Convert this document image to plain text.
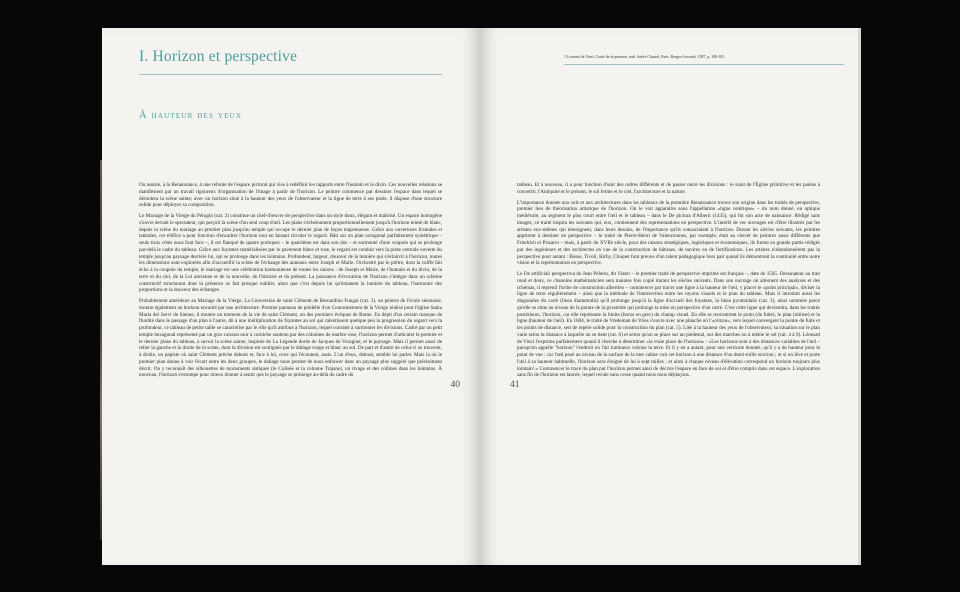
I. Horizon et perspective
À hauteur des yeux

On assiste, à la Renaissance, à une refonte de l'espace pictural qui vise à redéfinir les rapports entre l'humain et le divin. Ces nouvelles relations se manifestent par un travail rigoureux d'organisation de l'image à partir de l'horizon. Le peintre commence par dessiner l'espace dans lequel se déroulera la scène sainte; avec un horizon situé à la hauteur des yeux de l'observateur et la ligne de terre à ses pieds, il dispose d'une structure solide pour déployer sa composition.

Le Mariage de la Vierge du Pérugin (cat. 2) constitue un chef-d'œuvre de perspective dans un style doux, élégant et maîtrisé. Un espace homogène s'ouvre devant le spectateur, qui perçoit la scène d'un seul coup d'œil. Les plans s'échelonnent proportionnellement jusqu'à l'horizon teinté de blanc, depuis la scène du mariage au premier plan jusqu'au temple qui occupe le dernier plan de façon majestueuse. Grâce aux ouvertures frontales et latérales, cet édifice a pour fonction d'encadrer l'horizon tout en faisant circuler le regard. Bâti sur un plan octogonal parfaitement symétrique – seuls trois côtés nous font face –, il est flanqué de quatre portiques – le quatrième est dans son dos – et surmonté d'une coupole qui se prolonge par-delà le cadre du tableau. Grâce aux fuyantes matérialisées par le pavement blanc et rose, le regard est conduit vers la porte centrale ouverte du temple jusqu'au paysage derrière lui, qui se prolonge dans les lointains. Profondeur, largeur, douceur de la lumière qui s'éclaircit à l'horizon, toutes les dimensions sont explorées afin d'accueillir la scène de l'échange des anneaux entre Joseph et Marie. Orchestré par le prêtre, dont la coiffe fait écho à la coupole du temple, le mariage est une célébration harmonieuse de toutes les unions : de Joseph et Marie, de l'humain et du divin, de la terre et du ciel, de la Loi ancienne et de la nouvelle, de l'histoire et du présent. La puissance d'évocation de l'horizon s'intègre dans un schème constructif structurant dont la présence se fait presque oublier, alors que c'est depuis lui qu'émanent la lumière du tableau, l'harmonie des proportions et la douceur des échanges.

Probablement antérieure au Mariage de la Vierge, La Conversion de saint Clément de Bernardino Fungai (cat. 3), un peintre de l'école siennoise, montre également un horizon encadré par une architecture. Premier panneau de prédelle d'un Couronnement de la Vierge réalisé pour l'église Santa Maria dei Servi de Sienne, il montre un moment de la vie de saint Clément, un des premiers évêques de Rome. En dépit d'un certain manque de fluidité dans le passage d'un plan à l'autre, dû à une multiplication de fuyantes au sol qui ralentissent quelque peu la progression du regard vers la profondeur, ce tableau de petite taille se caractérise par le rôle qu'il attribue à l'horizon, lequel consiste à surmonter les divisions. Cadré par un petit temple hexagonal représenté par un gros caisson noir à corniche soutenu par des colonnes de marbre rose, l'horizon permet d'articuler le premier et le dernier plans du tableau, à savoir la scène sainte, inspirée de La Légende dorée de Jacques de Voragine, et le paysage. Mais il permet aussi de relier la gauche et la droite de la scène, dont la division est soulignée par le dallage rouge et blanc au sol. De part et d'autre de celui-ci se trouvent, à droite, un papiste où saint Clément prêche debout et, face à lui, ceux qui l'écoutent, assis. L'un d'eux, debout, semble lui parler. Mais la où le premier plan donne à voir l'écart entre les deux groupes, le dallage nous permet de nous enfoncer dans un paysage plus suggéré que précisément décrit. On y reconnaît des silhouettes de monuments antiques (le Colisée et la colonne Trajane), un rivage et des collines dans les lointains. À nouveau, l'horizon s'estompe pour mieux donner à sentir que le paysage se prolonge au-delà du cadre du

40
1 Léonard de Vinci, Traité de la peinture, trad. André Chastel, Paris, Berger-Levrault, 1987, p. 180-181.

tableau. Et à nouveau, il a pour fonction d'unir des ordres différents et de passer outre les divisions : le saint de l'Église primitive et les païens à convertir, l'Antiquité et le présent, le sol ferme et le ciel, l'architecture et la nature.

L'importance donnée aux sols et aux architectures dans les tableaux de la première Renaissance trouve son origine dans les traités de perspective, premier lieu de théorisation artistique de l'horizon. On le voit apparaître sous l'appellation «ligne centrique» – du nom donné, en optique médiévale, au segment le plus court entre l'œil et le tableau – dans le De pictura d'Alberti (1435), qui fut son acte de naissance. Rédigé sans images, ce traité inspira les suivants qui, eux, contiennent des représentations en perspective. L'intérêt de ces ouvrages est d'être illustrés par les artistes eux-mêmes qui témoignent, dans leurs dessins, de l'importance qu'ils consacraient à l'horizon. Durant les siècles suivants, les peintres apprirent à dessiner en perspective – le traité de Pierre-Henri de Valenciennes, par exemple, était au chevet de peintres aussi différents que Friedrich et Pissarro – mais, à partir du XVIIe siècle, pour des raisons stratégiques, logistiques et économiques, ils furent en grande partie rédigés par des ingénieurs et des architectes en vue de la construction de bâtisses, de navires ou de fortifications. Les artistes n'abandonnèrent pas la perspective pour autant : Bosse, Tivoli, Kirby, Cloquet font preuve d'un talent pédagogique hors pair quand ils démontrent la continuité entre notre vision et la représentation en perspective.

Le De artificiali perspectiva de Jean Pèlerin, dit Viator – le premier traité de perspective imprimé est français –, date de 1505. Dessinateur au trait rond et doux, ce chanoine mathématicien sera maintes fois copié durant les siècles suivants. Dans son ouvrage où alternent des analyses et des schémas, il reprend l'ordre de construction albertien – commencer par tracer une ligne à la hauteur de l'œil, y placer le «point principal», diviser la ligne de terre régulièrement – ainsi que la méthode de l'intersection entre les rayons visuels et le plan du tableau. Mais il introduit aussi les diagonales du carré (linea diametralis) qu'il prolonge jusqu'à la ligne d'accueil des fuyantes, la linea pyramidalis (cat. 3), ainsi nommée parce qu'elle se situe au niveau de la pointe de la pyramide qui prolonge la mise en perspective d'un carré. C'est cette ligne qui deviendra, dans les traités postérieurs, l'horizon, car elle représente la limite (horos en grec) du champ visuel. En elle se rencontrent le point (de fuite), le plan (ultime) et la ligne (hauteur de l'œil). En 1604, le traité de Vredeman de Vries s'ouvre avec une planche où l'«orizon», vers lequel convergent la pointe de fuite et les points de distance, sert de repère solide pour la construction du plan (cat. 5). Liée à la hauteur des yeux de l'observateur, sa situation sur le plan varie selon la distance à laquelle on se tient (cat. 6) et selon qu'on se place sur un piédestal, sur des marches ou à même le sol (cat. 4 à 9). Léonard de Vinci l'exprime parfaitement quand il cherche à déterminer «la vraie place de l'horizon» : «Les horizons sont à des distances variables de l'œil – puisqu'on appelle "horizon" l'endroit où l'air lumineux voisine la terre. Et il y en a autant, pour une verticale donnée, qu'il y a de hauteur pour le point de vue : car l'œil posé au niveau de la surface de la mer calme voit cet horizon à une distance d'un demi-mille environ ; et si on lève et porte l'œil à sa hauteur habituelle, l'horizon sera éloigné de lui à sept milles ; et ainsi à chaque niveau d'élévation correspond un horizon toujours plus lointain¹.» Commencer le tracé du plan par l'horizon permet ainsi de décrire l'espace en face de soi et d'être compris dans cet espace. L'exploration sans fin de l'horizon est lancée, lequel recule sans cesse quand nous nous déplaçons.

41
